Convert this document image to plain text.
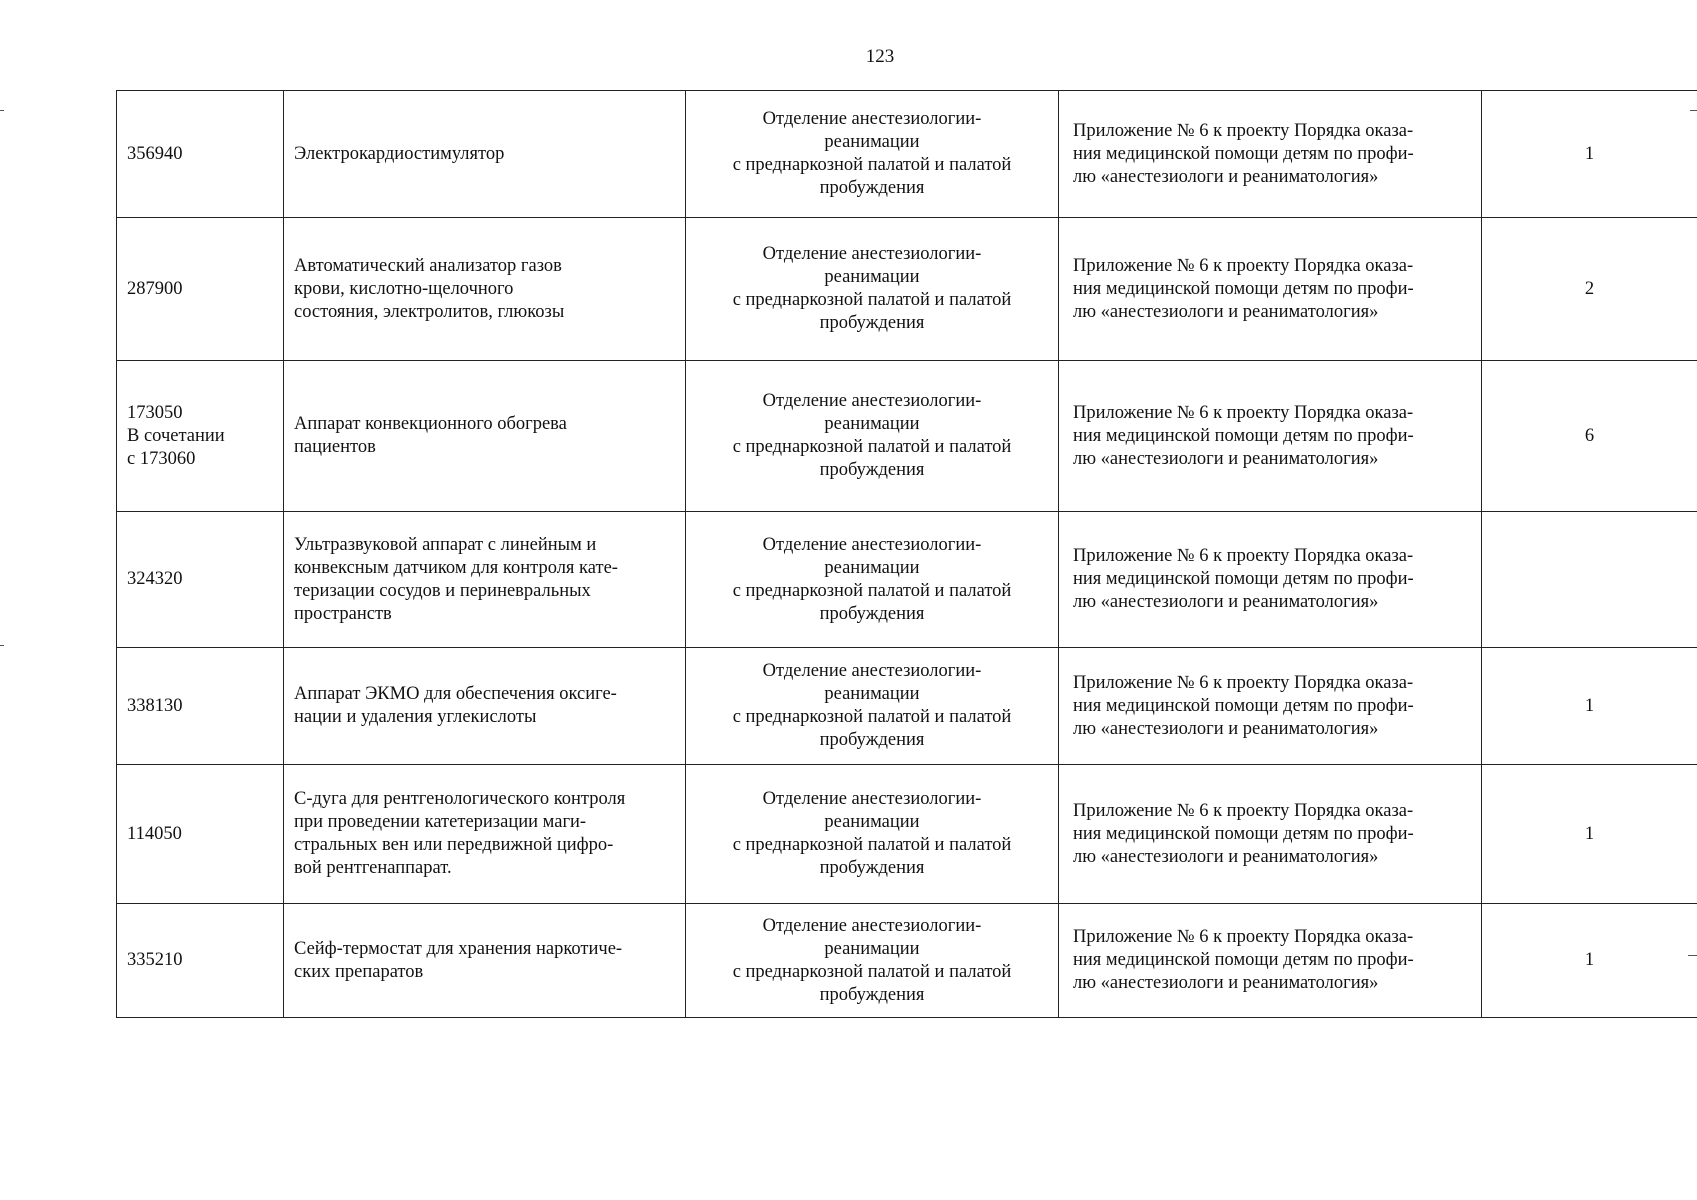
123
356940	Электрокардиостимулятор	Отделение анестезиологии-
реанимации
с преднаркозной палатой и палатой
пробуждения	Приложение № 6 к проекту Порядка оказа-
ния медицинской помощи детям по профи-
лю «анестезиологи и реаниматология»	1
287900	Автоматический анализатор газов
крови, кислотно-щелочного
состояния, электролитов, глюкозы	Отделение анестезиологии-
реанимации
с преднаркозной палатой и палатой
пробуждения	Приложение № 6 к проекту Порядка оказа-
ния медицинской помощи детям по профи-
лю «анестезиологи и реаниматология»	2
173050
В сочетании
с 173060	Аппарат конвекционного обогрева
пациентов	Отделение анестезиологии-
реанимации
с преднаркозной палатой и палатой
пробуждения	Приложение № 6 к проекту Порядка оказа-
ния медицинской помощи детям по профи-
лю «анестезиологи и реаниматология»	6
324320	Ультразвуковой аппарат с линейным и
конвексным датчиком для контроля кате-
теризации сосудов и периневральных
пространств	Отделение анестезиологии-
реанимации
с преднаркозной палатой и палатой
пробуждения	Приложение № 6 к проекту Порядка оказа-
ния медицинской помощи детям по профи-
лю «анестезиологи и реаниматология»	
338130	Аппарат ЭКМО для обеспечения оксиге-
нации и удаления углекислоты	Отделение анестезиологии-
реанимации
с преднаркозной палатой и палатой
пробуждения	Приложение № 6 к проекту Порядка оказа-
ния медицинской помощи детям по профи-
лю «анестезиологи и реаниматология»	1
114050	С-дуга для рентгенологического контроля
при проведении катетеризации маги-
стральных вен или передвижной цифро-
вой рентгенаппарат.	Отделение анестезиологии-
реанимации
с преднаркозной палатой и палатой
пробуждения	Приложение № 6 к проекту Порядка оказа-
ния медицинской помощи детям по профи-
лю «анестезиологи и реаниматология»	1
335210	Сейф-термостат для хранения наркотиче-
ских препаратов	Отделение анестезиологии-
реанимации
с преднаркозной палатой и палатой
пробуждения	Приложение № 6 к проекту Порядка оказа-
ния медицинской помощи детям по профи-
лю «анестезиологи и реаниматология»	1
